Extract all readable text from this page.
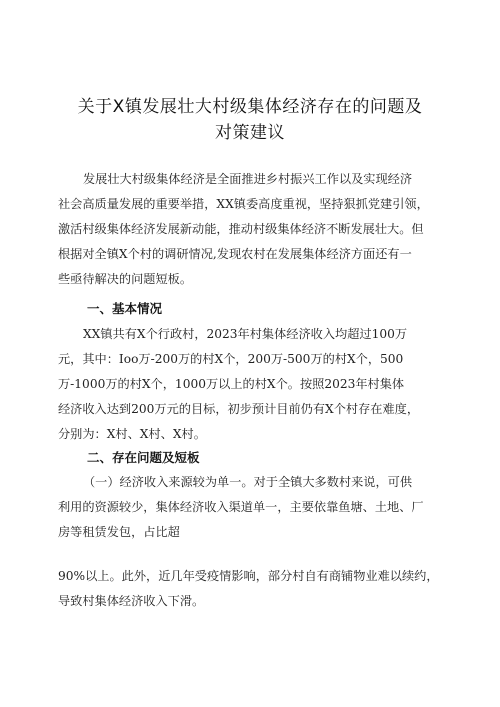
关于X镇发展壮大村级集体经济存在的问题及
对策建议
发展壮大村级集体经济是全面推进乡村振兴工作以及实现经济
社会高质量发展的重要举措，XX镇委高度重视，坚持狠抓党建引领，
激活村级集体经济发展新动能，推动村级集体经济不断发展壮大。但
根据对全镇X个村的调研情况,发现农村在发展集体经济方面还有一
些亟待解决的问题短板。
一、基本情况
XX镇共有X个行政村，2023年村集体经济收入均超过100万
元，其中：Ioo万-200万的村X个，200万-500万的村X个，500
万-1000万的村X个，1000万以上的村X个。按照2023年村集体
经济收入达到200万元的目标，初步预计目前仍有X个村存在难度，
分别为：X村、X村、X村。
二、存在问题及短板
（一）经济收入来源较为单一。对于全镇大多数村来说，可供
利用的资源较少，集体经济收入渠道单一，主要依靠鱼塘、土地、厂
房等租赁发包，占比超
90%以上。此外，近几年受疫情影响，部分村自有商铺物业难以续约，
导致村集体经济收入下滑。
